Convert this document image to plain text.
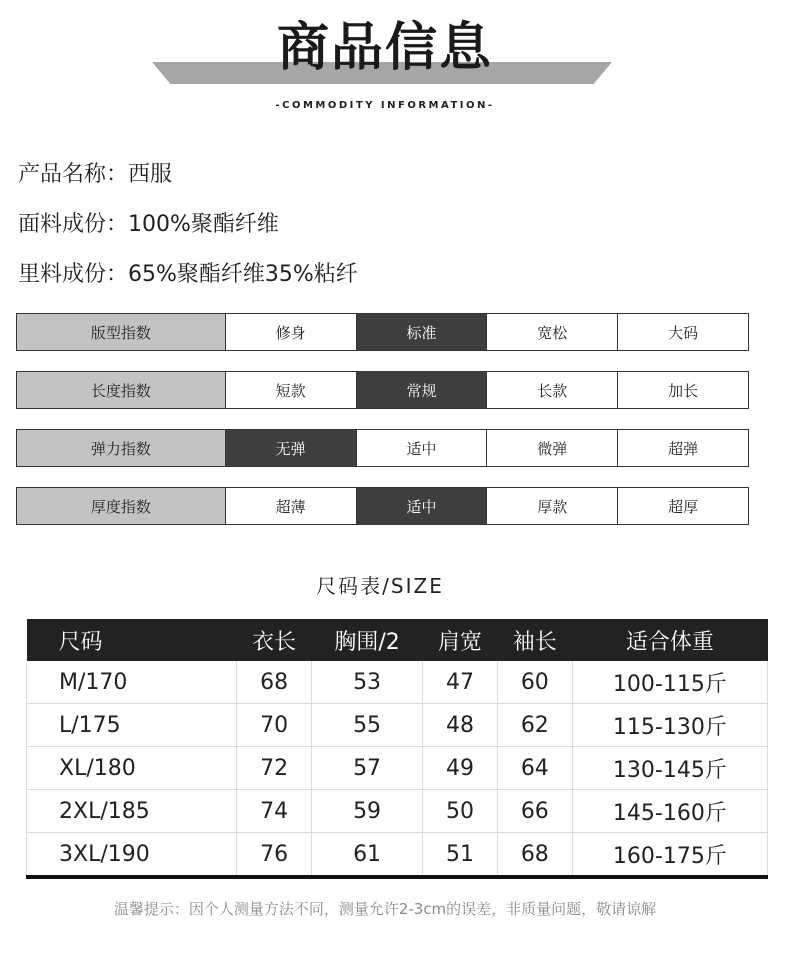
商品信息
-COMMODITY INFORMATION-
产品名称：西服
面料成份：100%聚酯纤维
里料成份：65%聚酯纤维35%粘纤
版型指数	修身	标准	宽松	大码
长度指数	短款	常规	长款	加长
弹力指数	无弹	适中	微弹	超弹
厚度指数	超薄	适中	厚款	超厚
尺码表/SIZE
尺码	衣长	胸围/2	肩宽	袖长	适合体重
M/170	68	53	47	60	100-115斤
L/175	70	55	48	62	115-130斤
XL/180	72	57	49	64	130-145斤
2XL/185	74	59	50	66	145-160斤
3XL/190	76	61	51	68	160-175斤
温馨提示：因个人测量方法不同，测量允许2-3cm的误差，非质量问题，敬请谅解
